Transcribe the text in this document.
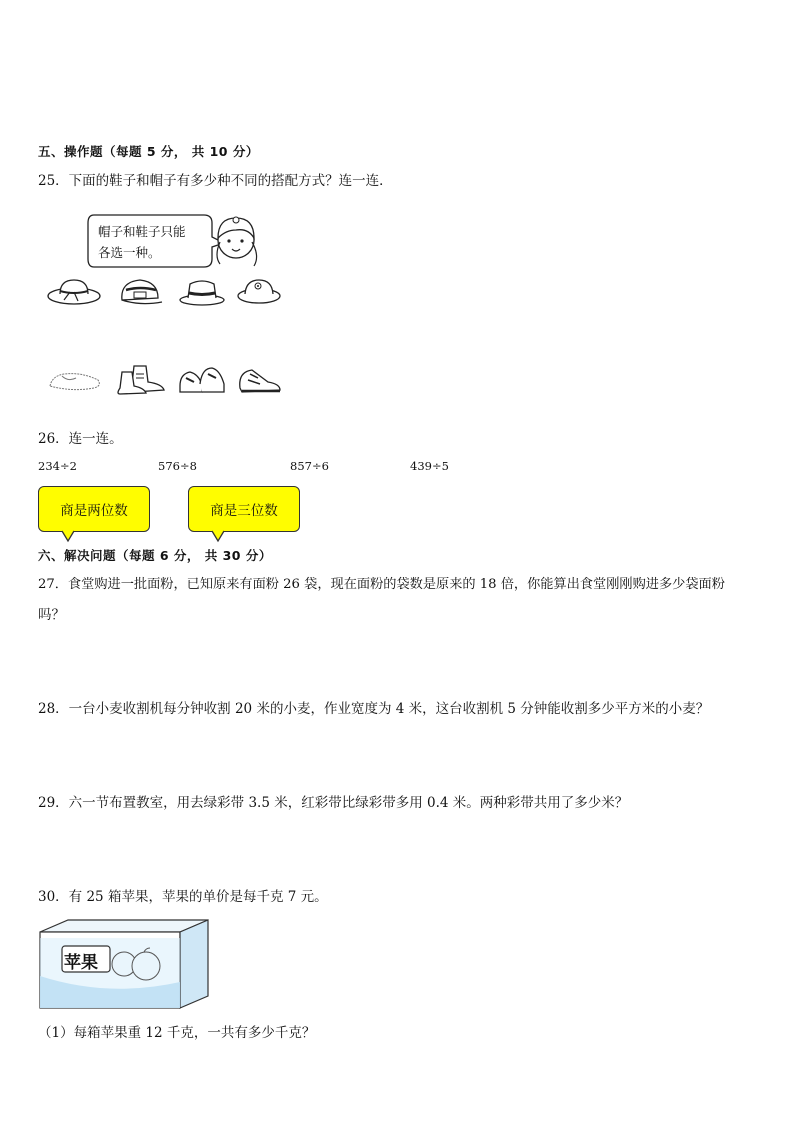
五、操作题（每题 5 分， 共 10 分）
25．下面的鞋子和帽子有多少种不同的搭配方式？连一连．
帽子和鞋子只能
各选一种。
26．连一连。
234÷2	576÷8	857÷6	439÷5
商是两位数	商是三位数
六、解决问题（每题 6 分， 共 30 分）
27．食堂购进一批面粉，已知原来有面粉 26 袋，现在面粉的袋数是原来的 18 倍，你能算出食堂刚刚购进多少袋面粉
吗？
28．一台小麦收割机每分钟收割 20 米的小麦，作业宽度为 4 米，这台收割机 5 分钟能收割多少平方米的小麦？
29．六一节布置教室，用去绿彩带 3.5 米，红彩带比绿彩带多用 0.4 米。两种彩带共用了多少米？
30．有 25 箱苹果，苹果的单价是每千克 7 元。
苹果
（1）每箱苹果重 12 千克，一共有多少千克？
